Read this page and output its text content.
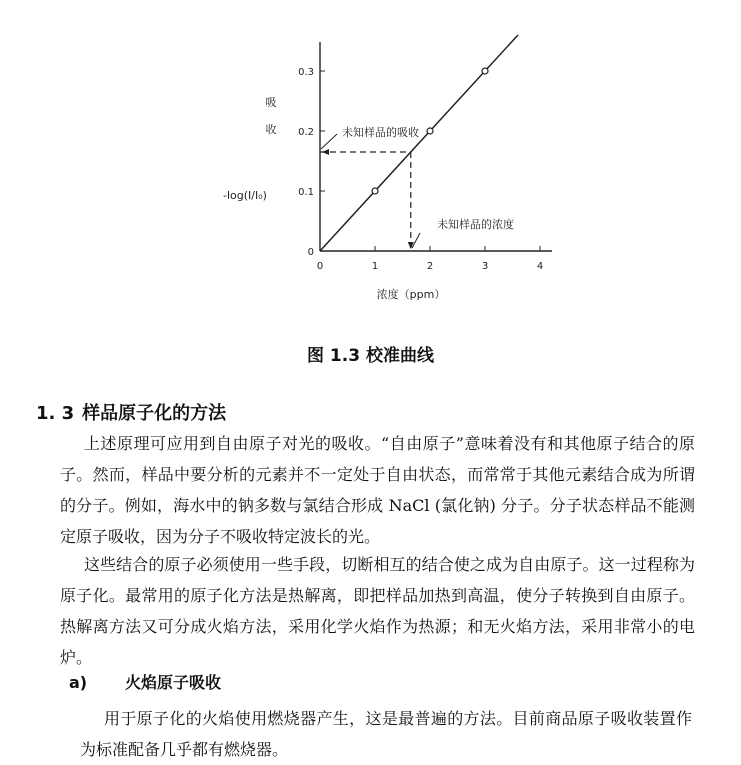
0	1	2	3	4
0
0.1
0.2
0.3
未知样品的吸收
未知样品的浓度
吸
收
-log(I/I₀)
浓度（ppm）
图 1.3 校准曲线
1. 3 样品原子化的方法

上述原理可应用到自由原子对光的吸收。“自由原子”意味着没有和其他原子结合的原子。然而，样品中要分析的元素并不一定处于自由状态，而常常于其他元素结合成为所谓的分子。例如，海水中的钠多数与氯结合形成 NaCl (氯化钠) 分子。分子状态样品不能测定原子吸收，因为分子不吸收特定波长的光。

这些结合的原子必须使用一些手段，切断相互的结合使之成为自由原子。这一过程称为原子化。最常用的原子化方法是热解离，即把样品加热到高温，使分子转换到自由原子。热解离方法又可分成火焰方法，采用化学火焰作为热源；和无火焰方法，采用非常小的电炉。

a) 火焰原子吸收

用于原子化的火焰使用燃烧器产生，这是最普遍的方法。目前商品原子吸收装置作为标准配备几乎都有燃烧器。
